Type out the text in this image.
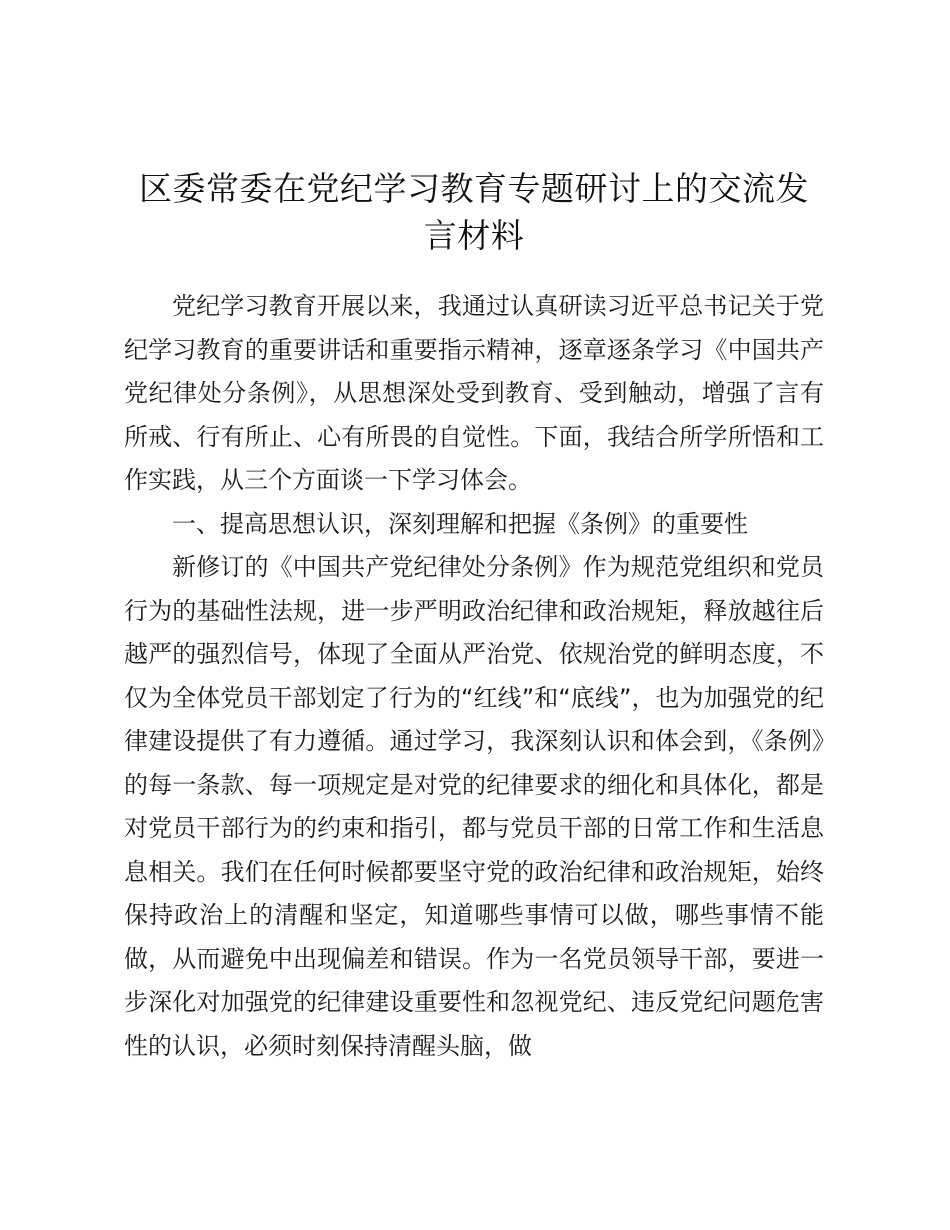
区委常委在党纪学习教育专题研讨上的交流发言材料

党纪学习教育开展以来，我通过认真研读习近平总书记关于党纪学习教育的重要讲话和重要指示精神，逐章逐条学习《中国共产党纪律处分条例》，从思想深处受到教育、受到触动，增强了言有所戒、行有所止、心有所畏的自觉性。下面，我结合所学所悟和工作实践，从三个方面谈一下学习体会。

一、提高思想认识，深刻理解和把握《条例》的重要性

新修订的《中国共产党纪律处分条例》作为规范党组织和党员行为的基础性法规，进一步严明政治纪律和政治规矩，释放越往后越严的强烈信号，体现了全面从严治党、依规治党的鲜明态度，不仅为全体党员干部划定了行为的“红线”和“底线”，也为加强党的纪律建设提供了有力遵循。通过学习，我深刻认识和体会到，《条例》的每一条款、每一项规定是对党的纪律要求的细化和具体化，都是对党员干部行为的约束和指引，都与党员干部的日常工作和生活息息相关。我们在任何时候都要坚守党的政治纪律和政治规矩，始终保持政治上的清醒和坚定，知道哪些事情可以做，哪些事情不能做，从而避免中出现偏差和错误。作为一名党员领导干部，要进一步深化对加强党的纪律建设重要性和忽视党纪、违反党纪问题危害性的认识，必须时刻保持清醒头脑，做
